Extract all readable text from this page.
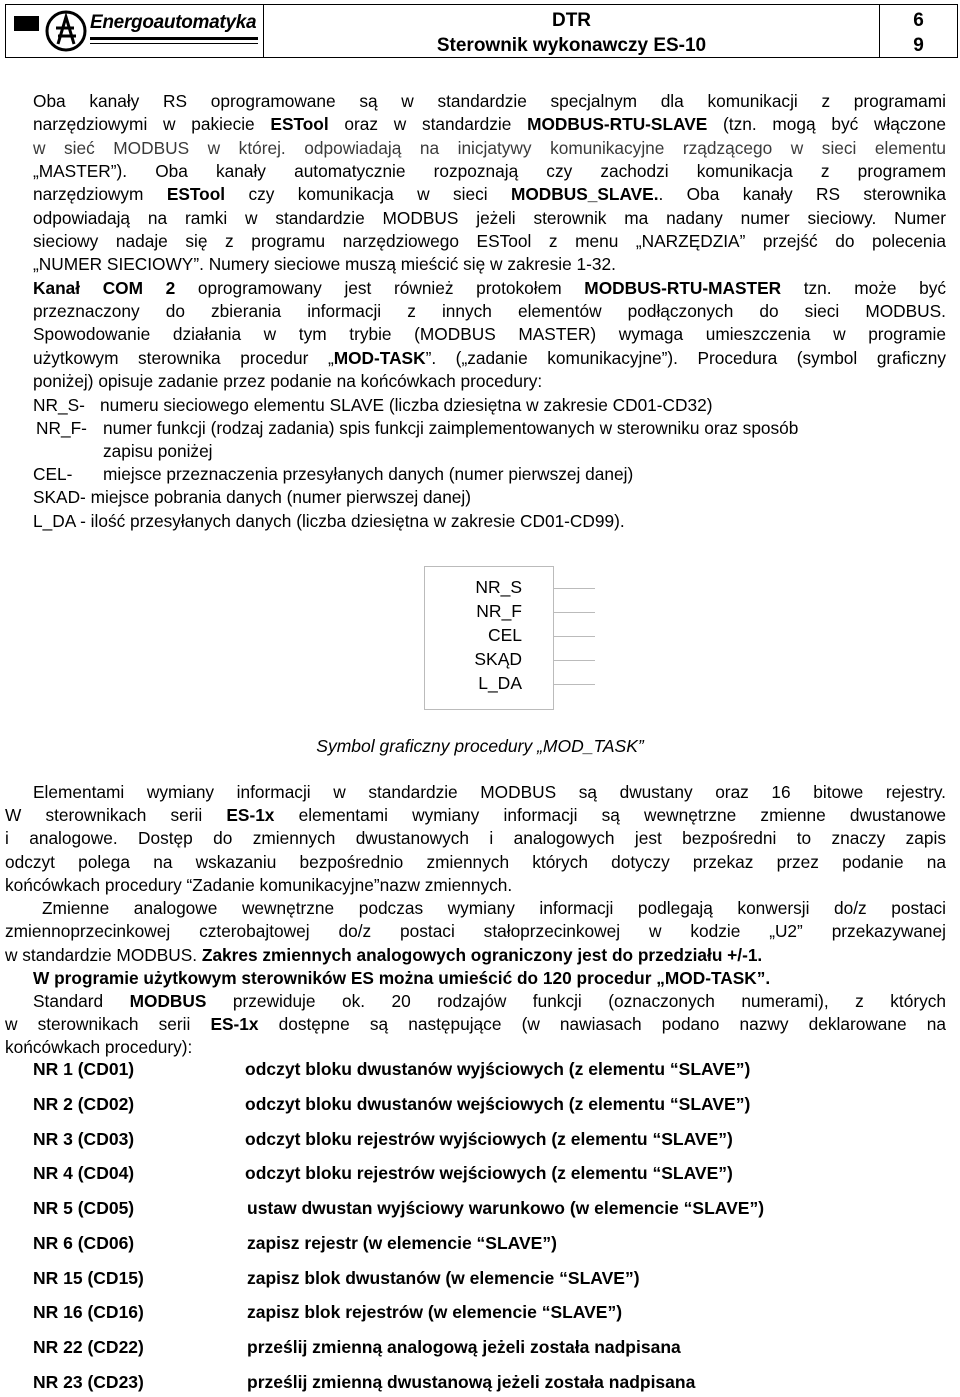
Energoautomatyka	DTR
Sterownik wykonawczy ES-10
6
9
Oba kanały RS oprogramowane są w standardzie specjalnym dla komunikacji z programami
narzędziowymi w pakiecie ESTool oraz w standardzie MODBUS-RTU-SLAVE (tzn. mogą być włączone
w sieć MODBUS w której. odpowiadają na inicjatywy komunikacyjne rządzącego w sieci elementu
„MASTER”). Oba kanały automatycznie rozpoznają czy zachodzi komunikacja z programem
narzędziowym ESTool czy komunikacja w sieci MODBUS_SLAVE.. Oba kanały RS sterownika
odpowiadają na ramki w standardzie MODBUS jeżeli sterownik ma nadany numer sieciowy. Numer
sieciowy nadaje się z programu narzędziowego ESTool z menu „NARZĘDZIA” przejść do polecenia
„NUMER SIECIOWY”. Numery sieciowe muszą mieścić się w zakresie 1-32.
Kanał COM 2 oprogramowany jest również protokołem MODBUS-RTU-MASTER tzn. może być
przeznaczony do zbierania informacji z innych elementów podłączonych do sieci MODBUS.
Spowodowanie działania w tym trybie (MODBUS MASTER) wymaga umieszczenia w programie
użytkowym sterownika procedur „MOD-TASK”. („zadanie komunikacyjne”). Procedura (symbol graficzny
poniżej) opisuje zadanie przez podanie na końcówkach procedury:
NR_S- numeru sieciowego elementu SLAVE (liczba dziesiętna w zakresie CD01-CD32)
NR_F- numer funkcji (rodzaj zadania) spis funkcji zaimplementowanych w sterowniku oraz sposób
zapisu poniżej
CEL- miejsce przeznaczenia przesyłanych danych (numer pierwszej danej)
SKAD- miejsce pobrania danych (numer pierwszej danej)
L_DA - ilość przesyłanych danych (liczba dziesiętna w zakresie CD01-CD99).
NR_S
NR_F
CEL
SKĄD
L_DA
Symbol graficzny procedury „MOD_TASK”
Elementami wymiany informacji w standardzie MODBUS są dwustany oraz 16 bitowe rejestry.
W sterownikach serii ES-1x elementami wymiany informacji są wewnętrzne zmienne dwustanowe
i analogowe. Dostęp do zmiennych dwustanowych i analogowych jest bezpośredni to znaczy zapis
odczyt polega na wskazaniu bezpośrednio zmiennych których dotyczy przekaz przez podanie na
końcówkach procedury “Zadanie komunikacyjne”nazw zmiennych.
Zmienne analogowe wewnętrzne podczas wymiany informacji podlegają konwersji do/z postaci
zmiennoprzecinkowej czterobajtowej do/z postaci stałoprzecinkowej w kodzie „U2” przekazywanej
w standardzie MODBUS. Zakres zmiennych analogowych ograniczony jest do przedziału +/-1.
W programie użytkowym sterowników ES można umieścić do 120 procedur „MOD-TASK”.
Standard MODBUS przewiduje ok. 20 rodzajów funkcji (oznaczonych numerami), z których
w sterownikach serii ES-1x dostępne są następujące (w nawiasach podano nazwy deklarowane na
końcówkach procedury):
NR 1 (CD01)	odczyt bloku dwustanów wyjściowych (z elementu “SLAVE”)
NR 2 (CD02)	odczyt bloku dwustanów wejściowych (z elementu “SLAVE”)
NR 3 (CD03)	odczyt bloku rejestrów wyjściowych (z elementu “SLAVE”)
NR 4 (CD04)	odczyt bloku rejestrów wejściowych (z elementu “SLAVE”)
NR 5 (CD05)	ustaw dwustan wyjściowy warunkowo (w elemencie “SLAVE”)
NR 6 (CD06)	zapisz rejestr (w elemencie “SLAVE”)
NR 15 (CD15)	zapisz blok dwustanów (w elemencie “SLAVE”)
NR 16 (CD16)	zapisz blok rejestrów (w elemencie “SLAVE”)
NR 22 (CD22)	prześlij zmienną analogową jeżeli została nadpisana
NR 23 (CD23)	prześlij zmienną dwustanową jeżeli została nadpisana
